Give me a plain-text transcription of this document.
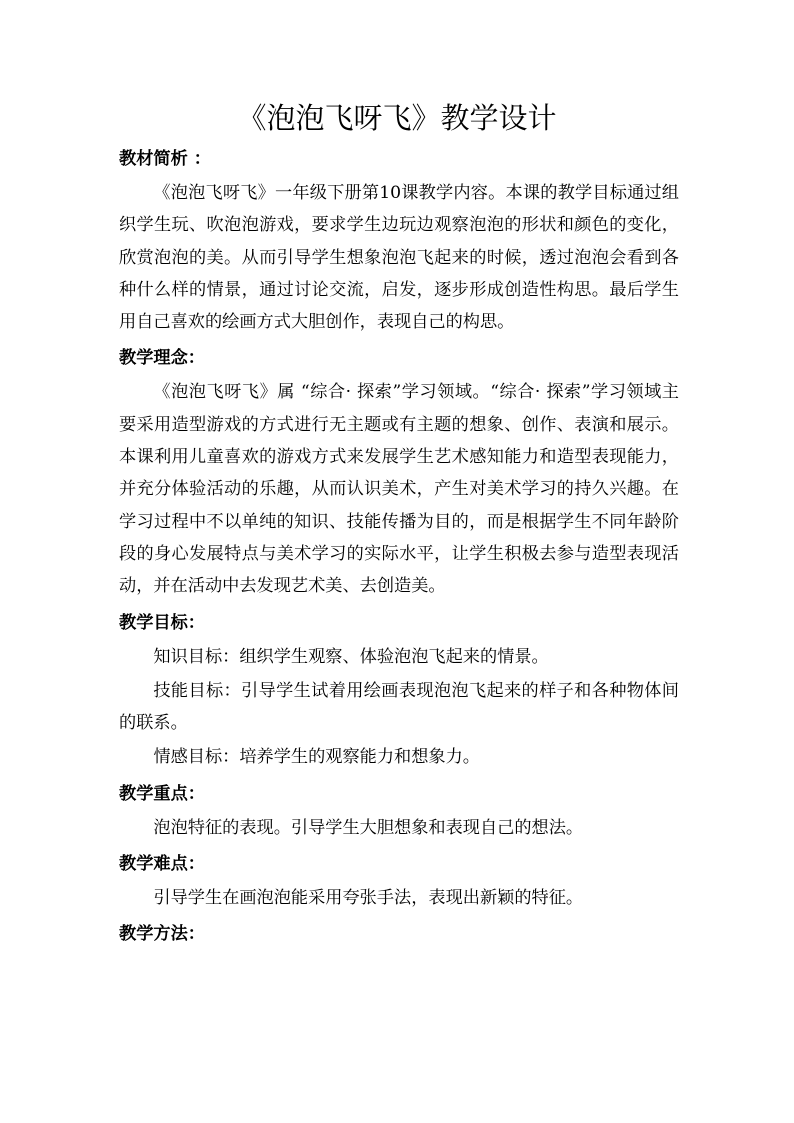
《泡泡飞呀飞》教学设计
教材简析 ：

《泡泡飞呀飞》一年级下册第10课教学内容。本课的教学目标通过组织学生玩、吹泡泡游戏，要求学生边玩边观察泡泡的形状和颜色的变化，欣赏泡泡的美。从而引导学生想象泡泡飞起来的时候，透过泡泡会看到各种什么样的情景，通过讨论交流，启发，逐步形成创造性构思。最后学生用自己喜欢的绘画方式大胆创作，表现自己的构思。

教学理念：

《泡泡飞呀飞》属 “综合· 探索”学习领域。“综合· 探索”学习领域主要采用造型游戏的方式进行无主题或有主题的想象、创作、表演和展示。本课利用儿童喜欢的游戏方式来发展学生艺术感知能力和造型表现能力，并充分体验活动的乐趣，从而认识美术，产生对美术学习的持久兴趣。在学习过程中不以单纯的知识、技能传播为目的，而是根据学生不同年龄阶段的身心发展特点与美术学习的实际水平，让学生积极去参与造型表现活动，并在活动中去发现艺术美、去创造美。

教学目标：

知识目标：组织学生观察、体验泡泡飞起来的情景。

技能目标：引导学生试着用绘画表现泡泡飞起来的样子和各种物体间的联系。

情感目标：培养学生的观察能力和想象力。

教学重点：

泡泡特征的表现。引导学生大胆想象和表现自己的想法。

教学难点：

引导学生在画泡泡能采用夸张手法，表现出新颖的特征。

教学方法：
